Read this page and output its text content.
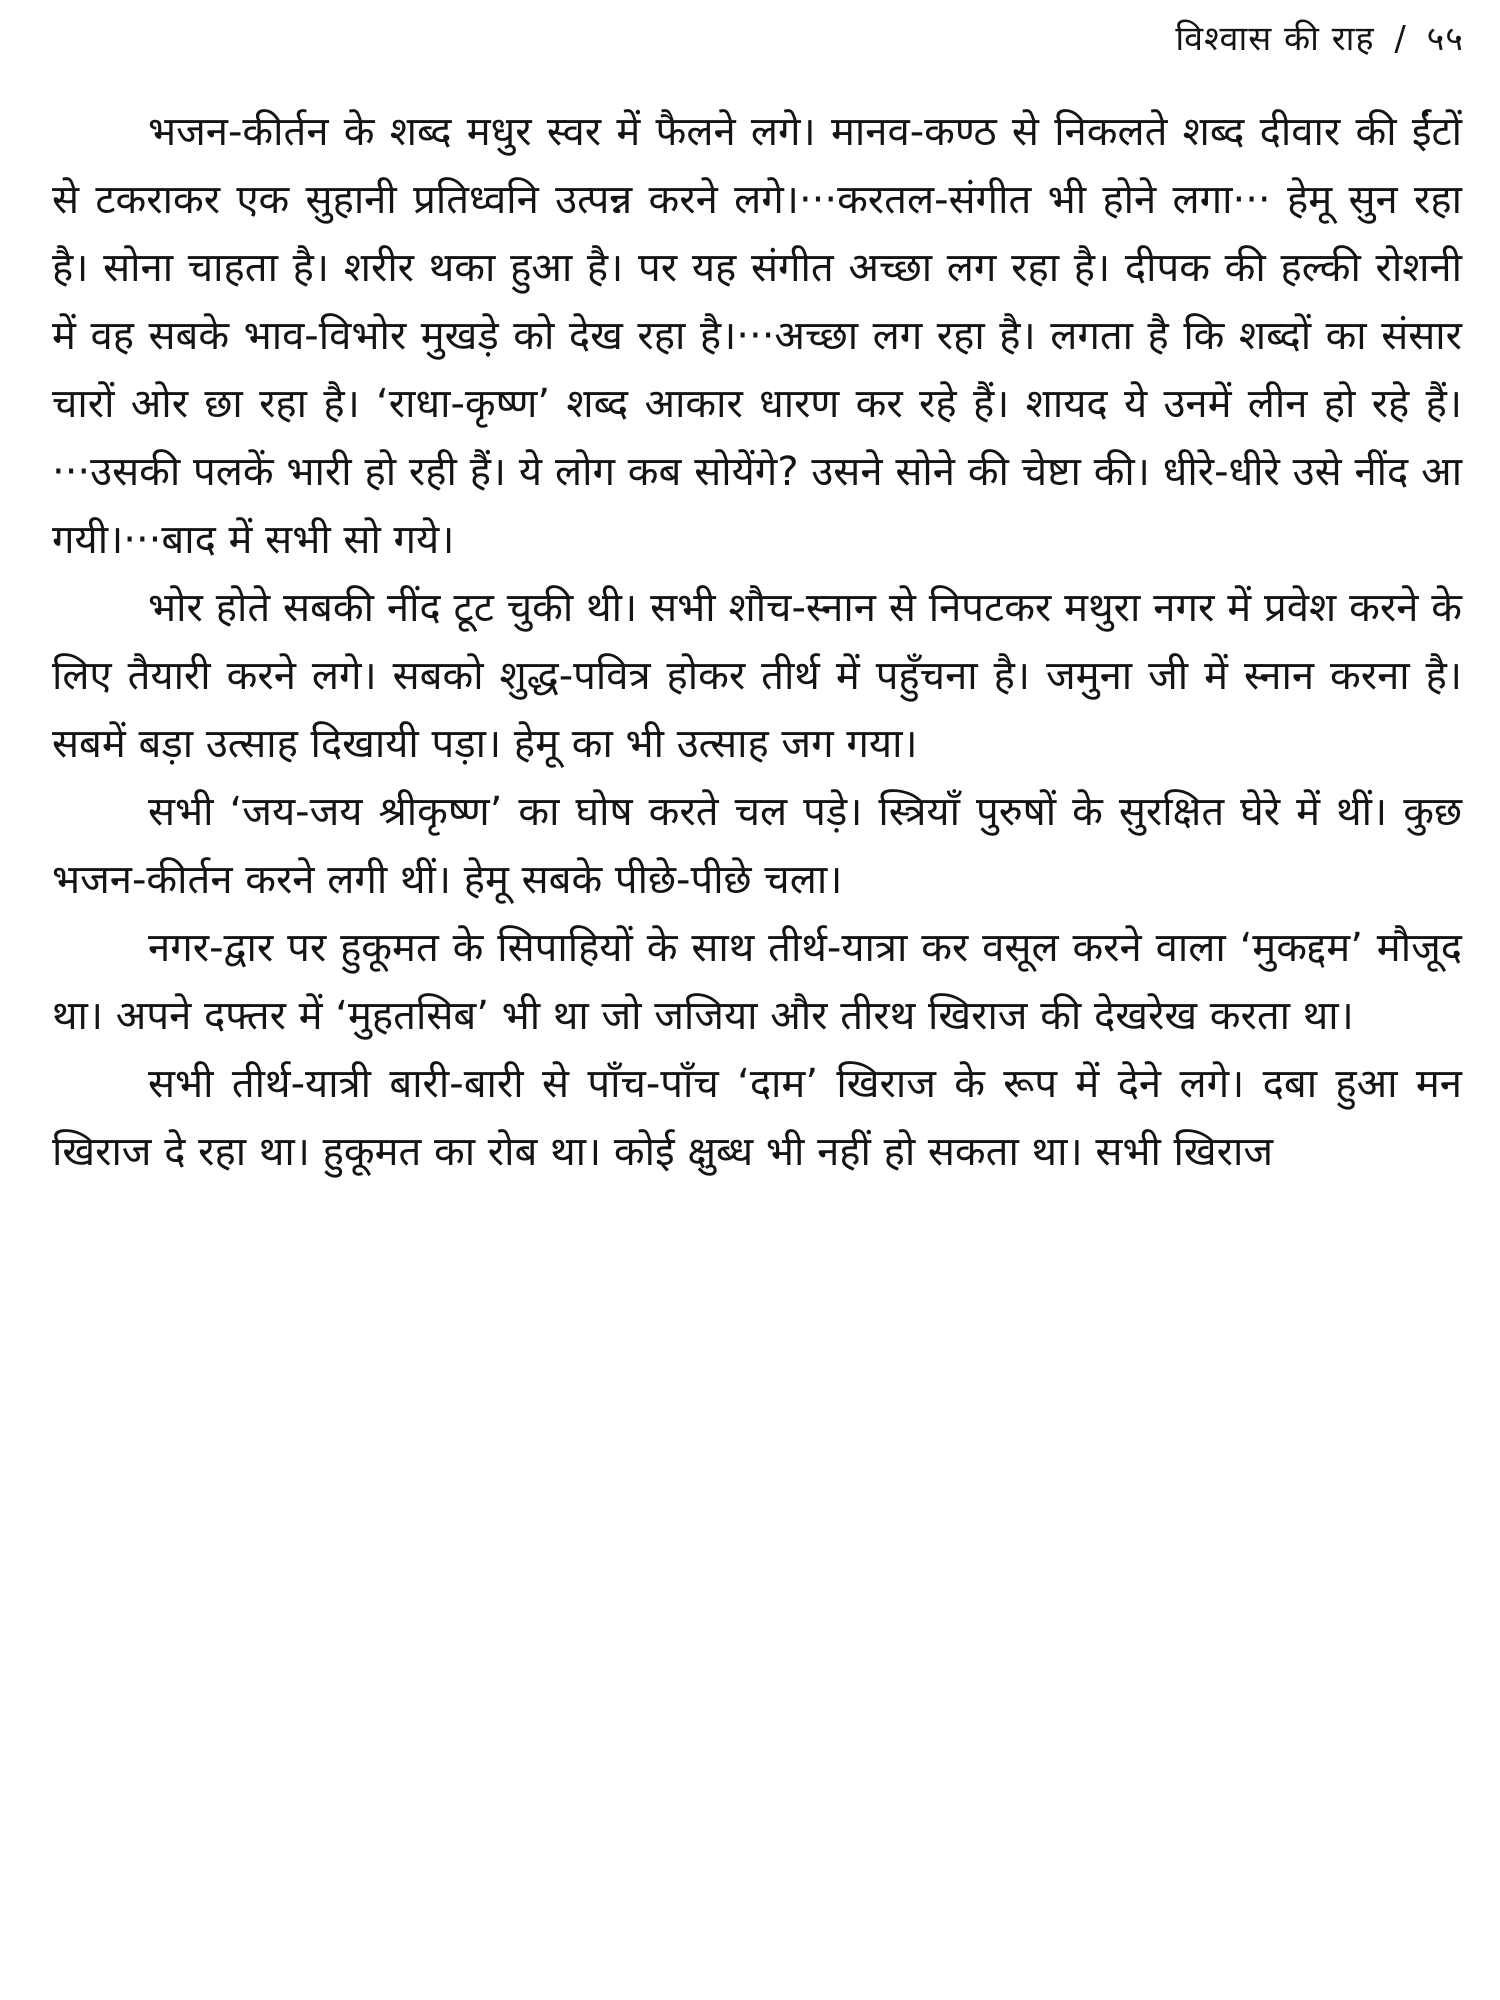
विश्वास की राह / ५५

भजन-कीर्तन के शब्द मधुर स्वर में फैलने लगे। मानव-कण्ठ से निकलते शब्द दीवार की ईंटों से टकराकर एक सुहानी प्रतिध्वनि उत्पन्न करने लगे।···करतल-संगीत भी होने लगा··· हेमू सुन रहा है। सोना चाहता है। शरीर थका हुआ है। पर यह संगीत अच्छा लग रहा है। दीपक की हल्की रोशनी में वह सबके भाव-विभोर मुखड़े को देख रहा है।···अच्छा लग रहा है। लगता है कि शब्दों का संसार चारों ओर छा रहा है। ‘राधा-कृष्ण’ शब्द आकार धारण कर रहे हैं। शायद ये उनमें लीन हो रहे हैं।···उसकी पलकें भारी हो रही हैं। ये लोग कब सोयेंगे? उसने सोने की चेष्टा की। धीरे-धीरे उसे नींद आ गयी।···बाद में सभी सो गये।

भोर होते सबकी नींद टूट चुकी थी। सभी शौच-स्नान से निपटकर मथुरा नगर में प्रवेश करने के लिए तैयारी करने लगे। सबको शुद्ध-पवित्र होकर तीर्थ में पहुँचना है। जमुना जी में स्नान करना है। सबमें बड़ा उत्साह दिखायी पड़ा। हेमू का भी उत्साह जग गया।

सभी ‘जय-जय श्रीकृष्ण’ का घोष करते चल पड़े। स्त्रियाँ पुरुषों के सुरक्षित घेरे में थीं। कुछ भजन-कीर्तन करने लगी थीं। हेमू सबके पीछे-पीछे चला।

नगर-द्वार पर हुकूमत के सिपाहियों के साथ तीर्थ-यात्रा कर वसूल करने वाला ‘मुकद्दम’ मौजूद था। अपने दफ्तर में ‘मुहतसिब’ भी था जो जजिया और तीरथ खिराज की देखरेख करता था।

सभी तीर्थ-यात्री बारी-बारी से पाँच-पाँच ‘दाम’ खिराज के रूप में देने लगे। दबा हुआ मन खिराज दे रहा था। हुकूमत का रोब था। कोई क्षुब्ध भी नहीं हो सकता था। सभी खिराज
